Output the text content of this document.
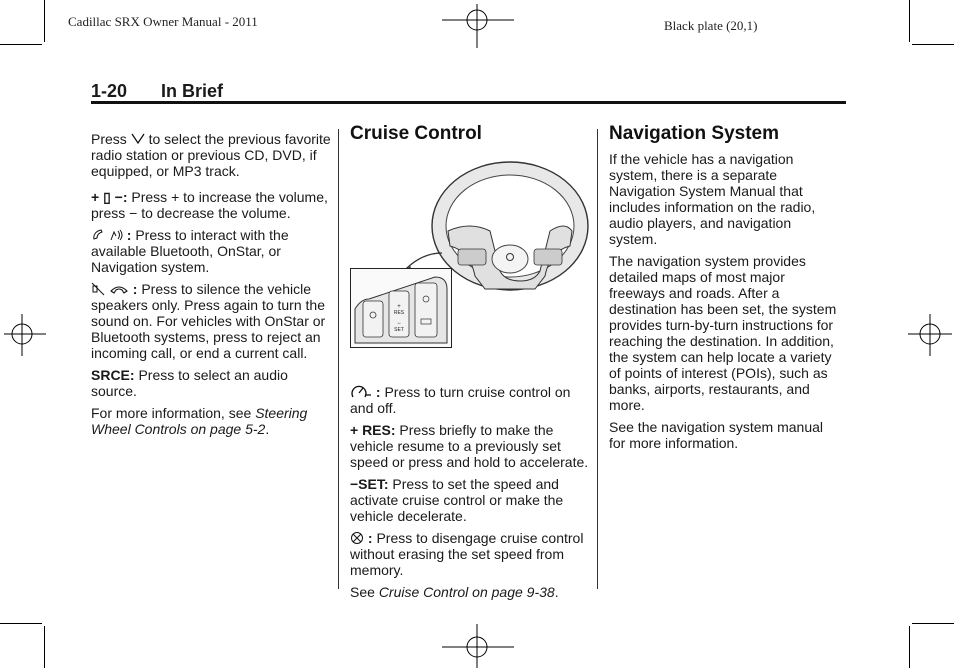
Cadillac SRX Owner Manual - 2011	Black plate (20,1)
1-20 In Brief

Press to select the previous favorite radio station or previous CD, DVD, if equipped, or MP3 track.

+ ▯ −: Press + to increase the volume, press − to decrease the volume.

: Press to interact with the available Bluetooth, OnStar, or Navigation system.

: Press to silence the vehicle speakers only. Press again to turn the sound on. For vehicles with OnStar or Bluetooth systems, press to reject an incoming call, or end a current call.

SRCE: Press to select an audio source.

For more information, see Steering Wheel Controls on page 5-2.

Cruise Control
+
RES
−
SET

: Press to turn cruise control on and off.

+ RES: Press briefly to make the vehicle resume to a previously set speed or press and hold to accelerate.

−SET: Press to set the speed and activate cruise control or make the vehicle decelerate.

: Press to disengage cruise control without erasing the set speed from memory.

See Cruise Control on page 9-38.

Navigation System

If the vehicle has a navigation system, there is a separate Navigation System Manual that includes information on the radio, audio players, and navigation system.

The navigation system provides detailed maps of most major freeways and roads. After a destination has been set, the system provides turn-by-turn instructions for reaching the destination. In addition, the system can help locate a variety of points of interest (POIs), such as banks, airports, restaurants, and more.

See the navigation system manual for more information.
